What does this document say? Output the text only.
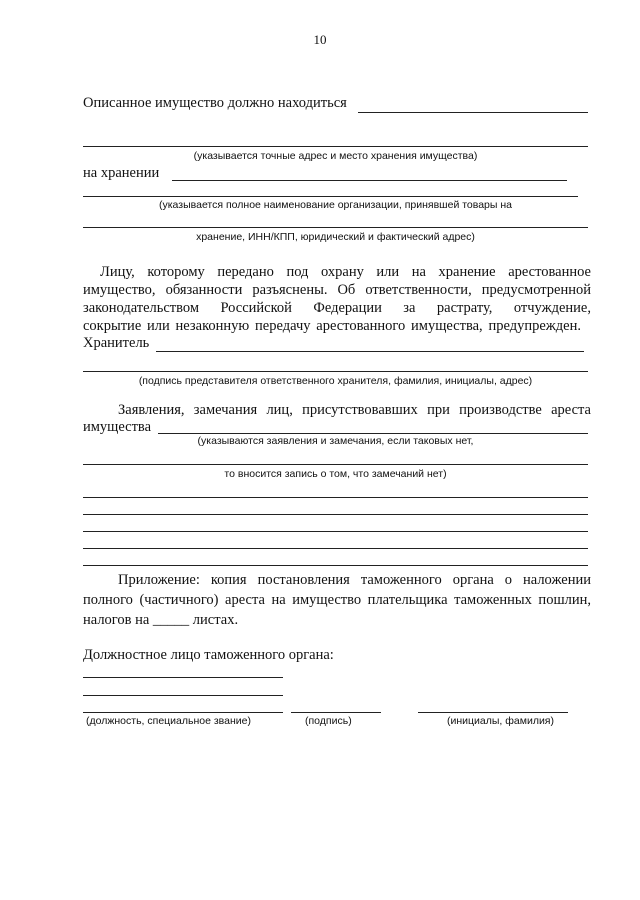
10
Описанное имущество должно находиться
(указывается точные адрес и место хранения имущества)
на хранении
(указывается полное наименование организации, принявшей товары на
хранение, ИНН/КПП, юридический и фактический адрес)
Лицу, которому передано под охрану или на хранение арестованное
имущество, обязанности разъяснены. Об ответственности, предусмотренной
законодательством Российской Федерации за растрату, отчуждение,
сокрытие или незаконную передачу арестованного имущества, предупрежден.
Хранитель
(подпись представителя ответственного хранителя, фамилия, инициалы, адрес)
Заявления, замечания лиц, присутствовавших при производстве ареста
имущества
(указываются заявления и замечания, если таковых нет,
то вносится запись о том, что замечаний нет)
Приложение: копия постановления таможенного органа о наложении
полного (частичного) ареста на имущество плательщика таможенных пошлин,
налогов на _____ листах.
Должностное лицо таможенного органа:
(должность, специальное звание)	(подпись)	(инициалы, фамилия)
